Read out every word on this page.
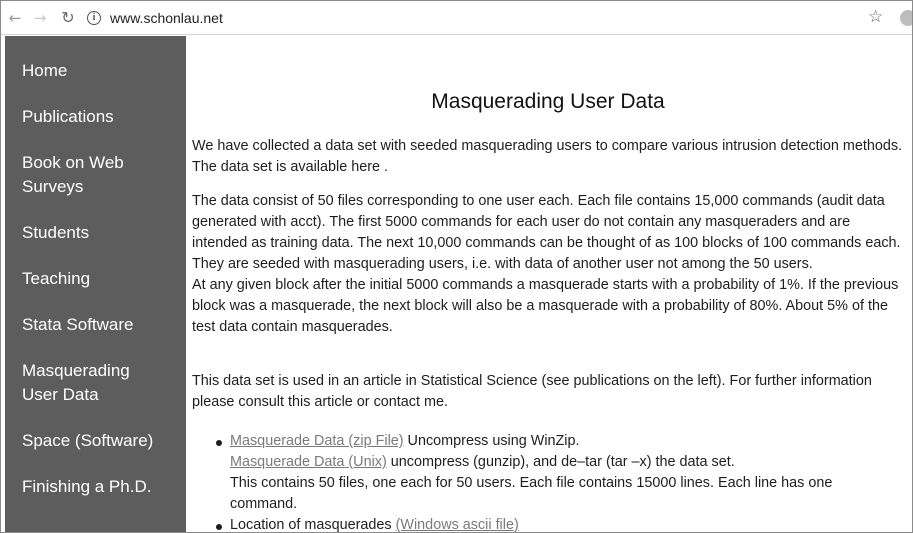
← → ↻	i	www.schonlau.net	☆
Home
Publications
Book on Web Surveys
Students
Teaching
Stata Software
Masquerading User Data
Space (Software)
Finishing a Ph.D.
Masquerading User Data
We have collected a data set with seeded masquerading users to compare various intrusion detection methods. The data set is available here .
The data consist of 50 files corresponding to one user each. Each file contains 15,000 commands (audit data generated with acct). The first 5000 commands for each user do not contain any masqueraders and are intended as training data. The next 10,000 commands can be thought of as 100 blocks of 100 commands each. They are seeded with masquerading users, i.e. with data of another user not among the 50 users.
At any given block after the initial 5000 commands a masquerade starts with a probability of 1%. If the previous block was a masquerade, the next block will also be a masquerade with a probability of 80%. About 5% of the test data contain masquerades.
This data set is used in an article in Statistical Science (see publications on the left). For further information please consult this article or contact me.
Masquerade Data (zip File) Uncompress using WinZip.
Masquerade Data (Unix) uncompress (gunzip), and de–tar (tar –x) the data set.
This contains 50 files, one each for 50 users. Each file contains 15000 lines. Each line has one command.
Location of masquerades (Windows ascii file)
